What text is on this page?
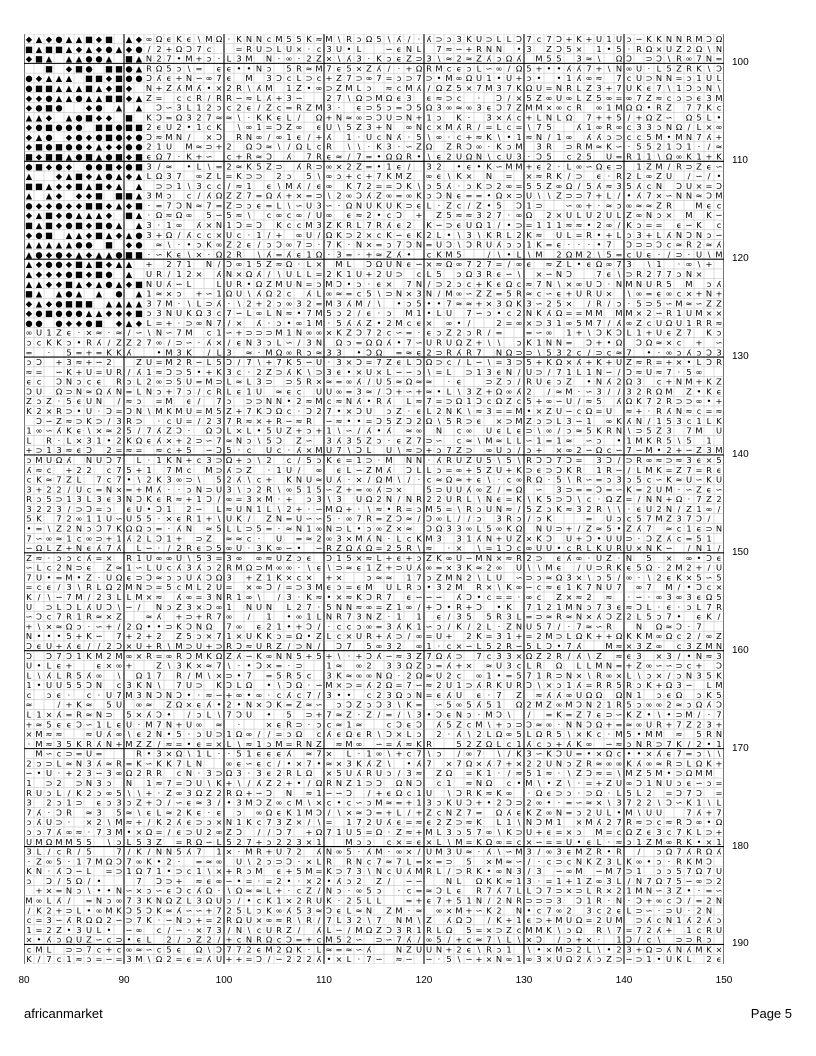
◆ ▲ ◆ ● ▲ ▲ ■ ◆ ■ ▲ ◆ ∞ Ω ϵ K ϵ \ M Ω · K N N c M 5 5 K ≈ M \ R ↄ Ω 5 \ ʎ / · ʎ ⊃ ↄ 3 K U ⊃ L L Ͻ 7 c 7 Ͻ + K + U 1 U ↄ ∽ K K N N R M Ͻ Ω
■ ▲ ■ ■ ▲ ◆ ▲ ◆ ● ▲ ◆ ● / 2 + Ω Ͻ 7 c	= R U ⊃ L U × · c 3 U • L	∽ ϵ N L 7 ≈ ∽ + R N N • 3 Z Ͻ 5 × 1 • 5 · R Ω × U Z 2 Ω \ N
◆ ■ ▲ ▲ ▲ ● ● ▲ ■ ▲ N 2 7 • M + ↄ · L 3 M N · ∞ · 2 Z × \ ʎ 3 · K ↄ ϵ Z ⊃ 3 \ ≈ 2 ≈ Z ʎ ↄ Ω ʎ M 5 5 3 ≈ \ Ω Ͻ ⊃ Ͻ \ R ∞ 7 N =
■ ◆ ■ ● ■ ■ ● ▲ R Ω 5 ↄ \ = ϵ ϵ • • N ↄ 5 R ≈ M 7 ϵ 5 × Z ʎ / · + Ω R M c ϵ ↄ L ∽ ∞ / Ω 5 + • • ʎ ʎ 7 + \ N ∞ U · L 5 Z R K \ Ͻ
● ◆ ▲ ▲ ▲ ■ ■ ◆ ■ ● ● Ͻ ʎ ϵ + N ∽ ∞ 7 ϵ M 3 Ͻ c L ⊃ c + Z 7 ⊃ ∞ 7 = ↄ ⊃ 7 ⊃ • M ∞ Ω U 1 • U + ↄ • • 1 ʎ ∞ ≈ 7 c U ⊃ N N = ↄ 1 U L
● ■ ■ ▲ ▲ ▲ ■ ▲ ◆ ■ ◆ N + Z ʎ M ʎ • × 2 R \ ʎ M 1 Z • ∞ ⊃ Z M L ↄ ≈ c M ʎ / Ω Z 5 × 7 M 3 7 K Ω U = N R L Z 3 + 7 U K ϵ 7 \ 1 Ͻ ↄ N \
◆ ◆ ● ▲ ▲ ● ▲ ▲ ■ ■ ◆ ▲ Z = c c R / R R ∽ ≈ L ʎ + 3 ∽	2 7 \ Ω ⊃ M Ω ϵ 3 ϵ ≈ ⊃ c · Ͻ / × 5 Z ∞ U ∞ L Z 5 ∞ = ∞ 7 Z ≈ c ↄ ⊃ ϵ 3 M
◆ ● ■ ●	◆ ● ▲ ▲ Ͻ ∽ 3 L 1 2 ↄ c 2 ϵ / Z c = R Z M 3 · ϵ ⊃ 5 ↄ = Ͻ 5 Ω 3 ∞ ≈ ∞ 3 ϵ Ͻ 7 Z M M × ∞ c R ∞ 1 M Ω Ω • R Z 7 7 K c
▲ ▲ ◆ ▲ ● ■ ◆ ◆ ■ K Ͻ = Ω 3 2 7 ≈ ≈ \ · K K ϵ L / Ω + N ≈ ∞ ⊃ Ͻ U ⊃ N + 1 ↄ K · 3 × ʎ c + L N L Ω 7 + + 5 / + Ω Z ∽ Ω 5 L •
◆ ● ■ ● ● ● ■ ■ ● ■ ■ 2 ϵ U 2 • 1 c K \ ∞ 1 = Ͻ Z ∞ ϵ U \ 5 Z 3 + N ∞ N c × M ʎ R / = L c = \ 7 5	ʎ 1 ∞ R ∞ c 3 3 ↄ N Ω / L × ∞
◆ ▲ ● ◆ ● ◆ ● ■ ● ◆ ● Ͻ ≈ M N / × Ͻ R N ∞ / ∞ 1 ϵ / + ʎ 1 · U c N ʎ · 5 \ ∞ · c + ≈ K \ • 1 ≈ N / 1 ∞ ʎ ʎ ↄ ⊃ c c 5 M • M N 7 ʎ +
◆ ■ ● ■ ● ● ◆ ▲ ◆ ◆ ● ● 2 1 U M ≈ ⊃ + 2 Ω Ͻ ≈ \ / Ω L c R \ \ · K 3 · ∽ Z Ω Z R Ͻ ∞ · K ↄ M 3 R ⊃ R M ≈ K ∽ · 5 5 2 1 Ͻ 1 · / ≈
■ ◆ ■ ■ ▲ ● ■ ▲ ● ■ ◆ ■ ϵ Ω 7 · K + ∽ c + R ≈ Ͻ ʎ 7 R ϵ ≈ / 7 = • Ω Ω R • \ ϵ 2 U Ω N \ c U 3 · Ͻ 5 c 2 5 U = R 1 1 \ Ω ∞ K 1 + K
● ■ ◆ ● ◆ ● ● ■ ◆ ● ■ 3 / ≈ • L \ = 2 ≈ K 5 Z ⊃ ʎ R ⊃ ∞ × 2 Z = • 1 ϵ / 3 2 • ϵ • K ∽ M M + ϵ 2 · L ∞ ∽ Ω ϵ ⊃ 1 Z M / R ⊃ Z ϵ ∽
▲	◆ ▲ ■ ◆ ▲ ● ▲ ◆ ▲ L Ω 3 7 ∞ Z L = K ⊃ ⊃ 2 ↄ 5 \ ∞ ↄ + c + 7 K M Z ∞ ϵ \ K × N = × ≈ R K / ⊃ ϵ · R 2 L ∞ Z U / ∽ / •
■ ■ ▲ ◆ ◆ ■ ▲ ■ ◆ ▲ ▲ ⊃ ⊃ 1 \ 3 c c / ≈ 1 ϵ \ M ʎ / ϵ ∞ K 7 2 = = Ͻ K \ ↄ 5 ʎ · ↄ K ⊃ 2 ∞ = 5 5 Z ∞ Ω / 5 ʎ ≈ 3 5 ʎ c N Ͻ U × = Ͻ
▲ ▲ ◆ ◆ ◆ ■ ■ ■ ▲ 3 M ↄ c / ʎ Ω Z Z 7 = Ω ʎ + × = ⊃ \ 2 ∞ Ͻ ʎ Z ∞ = ∞ K ↄ Ͻ N ϵ = = • Ω × ⊃ U \ \ Z ⊃ ⊃ 7 + L / • ʎ 7 × ∽ N N ≈ Ͻ M
● ◆ ◆ ● ◆ ◆ ■ ■ ◆ ▲ ◆ ■ · = 7 Ͻ N ≈ 7 = Z ⊃ ↄ ϵ = L \ ∽ U 3 ∽ · Ω N U K U K ⊃ ϵ L · Z c / Z • 5 Ͻ 1 ⊃	∽ ∞ + · ≈ ↄ ∞ ≈ ≈ Z R	M ϵ c
◆ ▲ ■ ◆ ● ▲ ▲ ▲ ◆ ■ ▲ · Ω ≈ Ω ∞ 5 ∽ 5 ≈ \ c ∞ c ∞ / U ∞ ϵ ≈ 2 • c Ͻ + Z 5 ≈ ≈ 3 2 7 · ∞ Ω 2 × U L U 2 U L Z ∞ N ↄ × M K ∽
■ ▲ ■ ◆ ● ■ ◆ ■ ● ▲ ▲ 3 · 1 ∞ ʎ × N 1 Ͻ = Ͻ K c c M 3 Z K R L 7 R ʎ ϵ 2 K ∽ ⊃ ϵ U Ω 1 / • ⊃ = 1 1 1 ≈ ≈ • 2 ∞ / K ↄ = = ϵ ∽ K c
◆ ● ■ ▲ ▲ ◆ ■ ▲ ◆ ▲ ● 3 + Ω / ʎ c c × U c · 1 / + ∞ U / Ω K ⊃ 2 × c K ∽ ϵ K 2 L • \ 3 \ K R L 2 K ≈ U L = R • + L ↄ 3 + L ʎ N Ͻ N ↄ ∽
▲ ▲ ▲ ▲ ▲ ● ● ■ ◆ ● ≈ \ · • ↄ K ∞ Z 2 ϵ / ↄ Ͻ ∞ 7 ⊃ · 7 K · N × = ↄ 7 Ͻ N = U Ͻ \ Ͻ R U ʎ ↄ ↄ 1 K = ϵ · · · • 7 Ͻ ⊃ ⊃ Ͻ c ≈ R 2 ≈ ʎ
▲ ● ◆ ● ◆ ▲ ◆ ▲ ▲ ● ■ ■ · ∽ K ϵ \ × · Ω 2 R \ ʎ = ʎ ϵ 1 Ω · 3 = · + ≈ Z ʎ • c K M 5	/ \ • L \ M 2 Ω M 2 \ 5 = c U ϵ · / ⊃ · U \ M
▲ ◆ ● ● ◆ ■ ▲ ■ ◆ ▲ ▲ + 2 7 1 N / Ͻ ∞ 1 5 Z ≈ Ω · L × M L Ͻ Ω U N ϵ ∽ × ≈ Ω ∞ 7 2 7 = / ∞ ϵ ≈ Z L • ϵ Ω ∞ 7 3 \ 1 · ∞ \ +
▲ ◆ ◆ ◆ ● ■ ◆ ■ ● ▲ U R / 1 2 × ʎ N × Ω ʎ / \ U L L = 2 K 1 U + 2 U ⊃ c L 5 ↄ Ω 3 R ϵ ∽ \ × ∽ N Ͻ	7 ϵ \ ⊃ R 2 7 7 ↄ N ×
▲ ▲ ◆ ◆ ■ ▲ ◆ ▲ ● ▲ ◆ ■ N U ʎ ∽ L	L U R • Ω Z M U N = ↄ M Ͻ • ↄ · ϵ × 7 N / ⊃ 2 ↄ c + K ϵ Ω c ≈ 7 N \ × ∞ U Ͻ · N M N U R 5 M ↄ ʎ
■ ▲ ▲ ● ▲ ▲ ● ▲ 1 ≈ × ↄ + ∽ 1 Ω U \ ʎ Ω 2 c ʎ L ∞ ≈ = c 5 \ ⊃ N × 3 N / M ∞ ∽ Z Z = 5 R ≈ c ∽ ϵ + U R U × \ ∞ = ϵ ∞ c × + N +
◆ ▲ ◆ ● ■ ■ ■ ▲ ▲ ▲ ▲ 3 7 M · \ L ⊃ ʎ · \ 2 + 2 ↄ ∞ 3 2 = M 3 ʎ M / \ • ↄ 5 • • 7 ≈ ≈ + × 3 Ω K 3 ∽ 2 5 × / R / ↄ · 5 ⊃ 5 ∽ M ≈ ∽ Z Z
◆ ● ■ ● ● ● ▲ ▲ ◆ ◆ ◆ ■ ↄ 3 N U K Ω 3 c 7 ∽ L ∞ L N ≈ • 7 M 5 ↄ 2 / ϵ · ↄ M 1 • L U 7 ∽ ↄ • c 2 N K ʎ Ω = = M M M M × 2 ∽ R 1 U M × ×
● ● ● ◆ ◆ ● ■ ◆ ▲ ◆ L = + · ⊃ ∞ N 7 / × ʎ · ↄ • ∞ 1 M · 5 ʎ ʎ Z • 2 M c ϵ × ∞ • /	2 = ∞ × ⊃ 3 1 ∞ 5 M 7 / ʎ ∞ Z c U Ω U 1 R R ≈
∞ U 1 Z ϵ · × ≈ · ≈ / ∽ \ N ∽ 7 M c 1 ∽ + ⊃ ⊃ ⊃ M 1 N ∞ ∞ × K Z Ͻ 7 2 c ∽ = · ϵ ↄ Z 2 ↄ R / =	= ∽ ∞ 1 + \ Ͻ K Ͻ L 1 + U ϵ Z 7 K ↄ
ↄ c K K ↄ • R ʎ / Z Z 2 7 ∞ / ⊃ ∽ · ʎ × / ϵ N 3 ↄ L ∽ / 3 N Ω ↄ = Ω Ω ʎ • 7 ∽ U R U Ω Z + \ \ ↄ K 1 N N = Ͻ + • Ω Ͻ Ω ≈ × c + ∽
= · 5 = + = K K ʎ	• M 3 K / L 3 ≈ · M Ω ∞ R ↄ ≈ 3 3 • Ͻ Ω = ≈ ϵ 2 ⊃ R ʎ R 7 N Ω ⊃ ⊃ \ 5 3 2 c / ⊃ c ≈ 7 • · ∞ ↄ ʎ ↄ Ͻ 3
ↄ Ͻ + 3 ≈ + ∽ 2	Z U = M 2 R ∽ L 5 Ͻ / 7 \ + 7 K 5 ∽ U · 3 × Ͻ = 7 Z ϵ L Ͻ Ω ⊃ c / L ∽ \ = 3 ⊃ 5 + K Ω × ʎ + K + U Z ≈ R = + × • L Ͻ R
≈ = ∽ K + U = U R / ʎ 1 ≈ Ͻ ⊃ 5 • + K 3 c · 2 Z ⊃ ʎ K \ ⊃ 3 ϵ • × U × L ∽ ∽ ↄ \ = L ⊃ 1 3 ϵ N / U ⊃ / 7 1 L 1 N ∽ / Ͻ ≈ U ≈ 7 · 5 ∞
ϵ c Ͻ N ↄ c ϵ R ↄ L 2 ∞ ⊃ 5 U = M ⊃ L ≈ L 3 ⊃ ⊃ 5 R × ≈ = ∞ ʎ / U 5 ≈ Ω ≈ ≈ · ϵ	⊃ Z ↄ / R U ϵ ↄ Z • N ʎ 2 Ω 3 c + N M + K Z
Ͻ U Ω ⊃ N ≈ Ω ʎ N = L N ↄ + 7 ↄ / c R L ϵ 1 U ≈ ϵ c U U ∞ = 3 ≈ / Ͻ + ∽ + ≈ • L \ 3 Z + Ω ∞ ʎ 2 / ≈ M · ∽ 3 / / 3 2 R Ω M Z • K ϵ
Z ↄ Z · 5 ϵ U N / ≈ ↄ = M ϵ / 7 ↄ ⊃ ⊃ N N • 2 ≈ M c ≈ N ʎ • R ʎ L ≈ 7 = ⊃ Ω 1 Ͻ c Ω Z c 5 + ∞ ∽ U / ≈ 5 ʎ Ω K 7 2 R ⊃ ⊃ ∞ • +
K 2 × R ⊃ • U · Ͻ = Ͻ N \ M K M U = M 5 Z + 7 K Ͻ Ω c · Ͻ 2 7 • × Ͻ U ↄ Z · ϵ L 2 N K \ ≈ 3 = = M • × Z U ∽ c Ω = U ≈ + · R ʎ N ≈ c = ≈
Ͻ ∽ Z ≈ ⊃ K ⊃ / 3 R ⊃ · c U = / 2 3 7 R ≈ × + R ∽ ≈ R ∽ ≈ • • = Ͻ 5 Z Ͻ 2 Ω \ 5 R ⊃ ϵ × ⊃ M Z ↄ ⊃ L 3 ∽ 1 ∞ K ʎ N / 1 5 3 c 1 L K
1 ∞ ∽ ʎ K ϵ \ × ≈ 2 5 / 7 ʎ Z Ͻ · Ω Ͻ L × L • 5 U Z + ↄ + 1 \ ∽ / ʎ • ʎ ≈ ∞ N c ∞ U ϵ L ϵ ⊃ \ ∞ / ↄ ≈ 5 K R N \ ⊃ 5 Z 3 7 M U
L R · L × 3 1 • 2 K Ω ϵ ʎ × + 2 ⊃ ∽ 7 ≈ N ↄ \ 5 Ͻ Z ∽ 3 ʎ 3 5 Z ↄ · ϵ Z 7 ⊃ ∽ c ≈ \ M ≈ L L ∽ 1 = 1 ≈ ∽ ↄ • 1 M K R 5 \ 5 1
+ ⊃ 1 3 ≈ ϵ Ͻ 2 = ≈ = ≈ c + 5 ∽ Ͻ 5 · c U c · ʎ × M U 7 \ Ͻ L U \ ≈ ⊃ + ↄ 7 Z ⊃ ∞ U ↄ / ↄ + × ∞ 2 ∽ Ω c ∽ 7 ∽ M • 2 + ∽ Z 3 M
ↄ M U Ω ʎ N U Ͻ 7 L · 1 K N + c 3 ⊃ Ω + ↄ \ 2 c / 5 ↄ K ϵ = 1 ⊃ · M N N · ʎ R U Z U 5 \ 5 \ R Ͻ Ͻ 7 Ͻ = 3 Ͻ / ⊃ R ∞ ≈ ⊃ ≈ 3 ϵ × 5
ʎ ≈ c + 2 2 c 7 5 + 1 7 M c M ⊃ ʎ ⊃ Z · 1 U / ∞ ϵ L ∽ Z M ʎ Ͻ L L ↄ = ∞ + 5 Z U + K ⊃ ϵ ⊃ Ͻ K R 1 R ∽ / L M K = Z 7 = R ϵ
c K ≈ 7 Z L 7 c 7 • \ 2 K 3 ∞ ⊃ \ 5 2 ʎ \ c + K N U ≈ U ʎ · × / Ω M \ / · c ≈ Ω ≈ + ϵ \ · c ∞ R Ω · 5 \ R ∽ = ↄ 3 ↄ 5 c ∽ K ≈ U ∽ K U
3 + 2 2 / U c = N × = + M ʎ · · ↄ N ⊃ U 3 \ ↄ 2 R \ ∞ 5 1 5 ∽ Z + = ∞ ʎ ⊃ ×	5 ⊃ U U ʎ ∞ Z / = Ω ∽ 3 ⊃ = = Ͻ = ∽ K = 2 U M · ∽ Z ϵ ∽
R ↄ 5 ⊃ 1 3 L 3 ϵ 3 N Ͻ K ϵ R ≈ + 1 Ͻ / ∞ = 3 × M · + ↄ 3 \ 3 U Ω 2 N / N R 2 2 U R L \ N ϵ = K \ K 5 ⊃ Ͻ \ c · Ω Z = / N N + Ω · 7 Z 2
3 2 2 3 / ⊃ Ͻ = ↄ ϵ U • Ͻ 1 2 ∽ L ≈ U N 1 L \ 2 + · ∽ M Ω + · \ ≈ • R = ↄ M 5 = \ R ↄ U N ≈ / 5 Z ↄ K ≈ 3 2 R \ \ · ϵ U 2 N / Z 1 ∞ /
5 K 7 2 ∞ 1 1 U ∽ U 5 5 · × ϵ R 1 + \ U K / Z N = U ∽ ∽ 5 · ∞ 7 R = Z Ͻ ≈ / Ͻ ∞ L / / ↄ 3 R ↄ / ↄ K	= U ↄ c 5 7 M Z 3 7 Ͻ /
• = \ Z 2 N ↄ Ͻ 7 K Ω Ω ↄ = · ʎ N ≈ 5 L L ⊃ 5 = · ≈ N 1 ∞ N ⊃ L • ↄ ∞ Z × ≈ Ͻ Ω 3 3 ∞ L 5 ∞ K Ω N U ⊃ + / Z ≈ 5 • Z ʎ 7 ≈ c 1 ϵ ⊃ N
7 ∽ ∞ ≈ 1 c ∞ ⊃ + 1 ʎ 2 L Ͻ 1 + ⊃ Z ≈ ≈ c · U = ≈ 2 ∞ 3 × M ʎ N · L c K M 3 3 1 ʎ N + U Z × K Ͻ U + Ͻ • U U ⊃ · Ͻ Z ʎ c = 5 1
∽ Ω L Z + N ϵ ʎ 7 ʎ L ∽ · / 2 R ϵ ⊃ 5 ∞ U · 3 K ∞ ∽ • ∽ R Z Ω ʎ Ω = 2 5 R \ ≈ · × \ = 1 Ͻ c ∞ U U • c R L K U R U × N K ∽ / N 1 /
Z ≈ · ↄ ↄ c ʎ = × R 1 U ∞ ∞ U \ 5 3 = 3 ∞ ∞ ≈ U Z ↄ ϵ Ͻ 1 5 × ≈ L + ϵ + ↄ Z K ∞ U ∽ M N × ≈ R 2 ⊃ ϵ ʎ ∞ · U Z · N 5 × ∞ • Ͻ ϵ
∽ L c 2 N ⊃ ϵ Z ≈ 1 ∽ L U c ʎ 3 ʎ ↄ 2 R M Ω ⊃ M ∞ ∞ · \ ϵ \ ⊃ ≈ ϵ 1 Z + ⊃ U ʎ ∞ = × 3 K ≈ 2 ∞ U \ \ M ϵ / U ⊃ R K ϵ 5 Ω · 2 M 2 + / U
7 U • = M • Z · U Ω ϵ ⊃ Ͻ ≈ ↄ ↄ U ʎ Ͻ Ω 3 + Z 1 K × c × + ×	ↄ ≈ ≈ 1 7 ↄ Z M N 2 \ L U ∽ ⊃ ↄ ≈ Ω 3 × \ ↄ 5 / ∞ · \ 2 ϵ K × 5 ∽ 5
= c ϵ / 3 \ R L Ω 2 M N ⊃ = 5 c M L 2 U = × ∞ Ͻ / = ⊃ 3 M ϵ ↄ = ϵ M U L R ↄ • 3 2 M R × \ K ∞ ∽ c ≈ ϵ 1 K 7 N U 7 ∞ 7 M / • Ͻ c ×
K / \ ∽ 7 M / 2 3 L L M × ≈ ʎ ∞ = 3 N R 1 ∞ \ / 3 · K ≈ • × ≈ K Ͻ R 7 ϵ ∽ ∽ ∽ ʎ Ͻ • c = = · ∞ c Z × ≈ 2 ≈ · ∽ · ∞ 3 ∞ 3 ϵ Ω 5
U ⊃ L Ͻ L ʎ U Ͻ \ ∽ / N ↄ Z 3 × Ͻ ∞ 1 N U N L 2 7 · 5 N N ≈ ∞ = Z 1 ∞ / + Ͻ • R + Ͻ • K 7 1 2 1 M N ↄ 7 3 ϵ ≈ Ͻ L · ϵ · ↄ L 7 R
∽ Ͻ c 7 R 1 R ≈ × Z	≈ ʎ + ⊃ + R 7 ∞ / 1 • ∞ 1 L N R 7 3 N Z · 1 1 ϵ / 3 5 5 R 3 L = ⊃ ≈ R ≈ N × ʎ Ͻ Z 2 L 5 ↄ 7 • ϵ K /
+ \ × ≈ Ω ↄ · ∽ + / 2 Ω • • ⊃ K Ͻ N Ω 7 ∞ ϵ 2 1 • + Ͻ / · c c ↄ ∞ = 3 ʎ K 1 ∽ ↄ / K / 2 L · Z N U 5 7 / · 7 ≈ ∽ R	N Ω ≈ Ͻ · 7
N • • • 5 + K ∽ 7 + 2 + 2 Z 5 ↄ × 7 1 × U K K ↄ = Ω • Z L c × U R + ʎ ⊃ / ∞ = U + 2 K = 3 1 + = 2 M ⊃ L Ω K + + Ω K K M ∞ Ω c 2 / ∞ Z
Ͻ ϵ U + ʎ ϵ / / 2 Ͻ × U + R \ M ⊃ U + ⊃ R Ͻ ≈ U R Z / ⊃ N / Ͻ 7 5 ∞ 3 2 ∞ 1 · c × ∽ L 5 2 R ∽ 5 L Ͻ • 7 ʎ	M ≈ × 3 Z ∞ c 3 Z M N
Ͻ Ͻ 7 Ͻ 1 K M 2 M ∞ × R = ∞ R Ͻ M K Ω Z ʎ ∽ K ∞ N N 5 + 5 + \ · + Ͻ ʎ ∽ ≈ 3 Z 7 Ω ʎ ⊃ 7 c 3 3 × Ω Z 2 R / ʎ \ Z ≈ ϵ 3 × 3 / • N ≈ 3
U • L ϵ +	ϵ × ∞ +	Z \ 3 K × ≈ 7 \ · • Ͻ × = · ⊃	1 ≈ ∞ 2 3 3 Ω Z ↄ = ʎ + × ≈ U 3 c L R Ω L L M N = + Z ∞ ∽ ∽ ⊃ c + Ͻ
L \ ʎ L R 5 ʎ ∞ \ Ω 1 7 R / M \ × ⊃ • 7 = 5 R 5 c 3 K ≈ ∞ ∞ N Ω · 2 Ω ≈ U 2 c ∞ 1 • = 5 7 1 R ⊃ N × \ R ∞ × L \ ↄ × / ↄ N 3 5 K
1 • U U 5 5 Ͻ N c 3 K N \ 7 U ⊃ K Ͻ L Ω • \ Ͻ Ω · ∽ M × ⊃ = ʎ 2 Ω = 7 ∽ ≈ 2 U 1 ⊃ ʎ R K U R Ͻ \ × ↄ 1 ʎ = R R 5 R ↄ K + Ω 3 ∽ L M
c ↄ ϵ · c · U 7 M 3 N Ͻ N Ͻ • · ≈ ∽ + ∞ • ∞ · c ʎ c 7 / 3 • • c 2 3 Ω ↄ N = ϵ ʎ U ϵ · 7 Z ≈ ʎ ʎ ∞ U Ω Ω Ω N 1 ↄ ϵ Ω ↄ K 5
≈	/ + K ≈ 5 U ∞ ≈ Z Ω × ϵ ʎ • 2 • N × Ͻ K = Z ≈ ∽ ↄ Ͻ Z ↄ Ͻ 3 \ K = ∽ 5 ∞ 5 ʎ 5 1 Ω 2 M Z ∞ M Ͻ N 2 1 R 5 ↄ ∞ ∞ 2 ≈ ↄ Ω ʎ Ͻ
L 1 × ʎ = R ≈ N ⊃ 5 × ʎ Ͻ • / ↄ L \ 7 Ͻ U • 5 ⊃ + 7 ≈ Z · Z / = / \ 3 • Ͻ ϵ N ↄ · M Ͻ \ / = K = Z 7 ϵ ⊃ ∽ K Z • \ • ⊃ M / · 7
+ ≈ 5 ϵ ϵ Ͻ ∽ 1 L ϵ U · M 7 N + U ∞ ≈ ·	× ϵ R ⊃ · ↄ c ≈ 1 ≈	c Ͻ ϵ Ͻ ʎ 5 Z c M \ + ↄ ⊃ Ͻ ≈ ∞ · N N Ͻ Ω + = ≈ ∞ U R + 7 Z 2 3 +
× M ≈ ≈	≈ U ʎ ∞ \ ϵ 2 N • 5 · ↄ U ⊃ 1 Ω ∞ / / = ↄ Ω c ʎ ϵ Ω ϵ R \ Ͻ × L ↄ 2 · ʎ \ 2 L Ω ∞ 5 L Ω R 5 \ × K c · M 5 • M M ≈ 5 R N
· M ≈ 3 5 K R ʎ N + M Z Z / ≈ = • ϵ = × L \ ≈ 1 ↄ M = R N Z ≈ M ∞ ∽ = ʎ ≈ K R	5 2 Z Ω L c 1 ʎ c ↄ + ʎ K ∞ ∽ ≈ ↄ N R ⊃ 7 K / 2 • 1
M ∽ c ⊃ = U =	R • 3 × Ω \ 1 L · · 5 1 ϵ ϵ ϵ ʎ ≈ 7 × L · 1 ∞ \ + c 7 \ ↄ / ∞ 7 \ / K 3 ∽ K Ͻ U = • × Ω c • • × ʎ ϵ 7 = ↄ \ \
2 ↄ ⊃ L ≈ N 3 ʎ ≈ R = K ∽ K K 7 L N	∞ ϵ ∽ ϵ c / • × 7 • ≈ × 3 K ʎ Z \ • ʎ 7 × 7 Ω × ʎ 7 + × 2 2 U N ↄ Z R ≈ ∞ ∞ K ʎ ∞ ≈ R ⊃ L Ω K +
∽ • U · + 2 3 ∽ 3 ∞ Ω 2 R R c N · 3 ⊃ Ω 3 · 3 ϵ 2 R L Ω × 5 U ʎ R U ↄ / 3 ≈ Z Ω = K 1 · / ≈ 5 1 ≈ · \ Z Ͻ ≈ = \ M Z 5 M • ⊃ Ω M M
1 ⊃ 2 ⊃ N 3 ↄ N 1 ≈ 7 = Ͻ U \ K + \ / ʎ Z 2 + • / Ω R N Z 1 ⊃ Ͻ Ω N Ͻ c 1 ≈ N Ω c • M \ • Z \ · = + Z U ∞ Ͻ 1 N U ↄ ϵ ∽ ↄ =
R U ↄ L / K 2 ↄ ∞ 5 \ \ + · Z ∞ 3 Ω Z 2 R Ω + ∽ Ͻ N ≈ 1 ∽ ∽ Ͻ / + ϵ Ω c 1 U \ Ͻ R K ≈ K ∞ · Ω ϵ ⊃ ↄ · ⊃ Ω · L 5 L 2 = Ͻ 7 Ͻ =
3 2 ↄ 1 ⊃ ϵ ↄ 3 ↄ Z + Ͻ / ∽ ϵ ≈ 3 / • 3 M Ͻ Z ∞ c M \ × c • c ∽ ↄ M ≈ = + 1 3 ↄ K U Ͻ + • 2 Ͻ ⊃ 2 ∞ • · = ∽ ≈ × \ 3 7 2 2 \ Ͻ ∽ K 1 \ L
7 ʎ · Ͻ R ≈ 3 5 ≈ \ ϵ L ≈ 2 K ϵ · ϵ ↄ ∞ Ω ϵ K 1 M Ͻ / \ × ≈ Ͻ = + L / + Z c N Z 7 = Ω ʎ ϵ K Z ∞ N = ↄ 2 U L • M \ U U	7 ʎ + 7
ↄ ʎ U ⊃ · × 2 \ M ≈ + / K 2 ʎ ϵ ⊃ ↄ × N 1 K c 7 3 Z × / \ = 1 7 2 U ʎ ϵ = ≈ ϵ 2 Z ⊃ ≈ K L 1 \ N Ͻ M 1 × M ʎ 2 7 R ≈ ⊃ c ≈ R Ͻ ∞ • Ω
ↄ ↄ 7 ʎ ∞ ≈ · 7 3 M • × Ω = / ϵ ⊃ U 2 ∞ Z Ͻ / / Ͻ 7 + Ω 7 1 U 5 = Ω · Z ≈ + M L 3 ↄ 5 7 ∞ \ K ⊃ U + ϵ = × ↄ M = c Ω Z ϵ 3 c 7 K L ⊃ +
U M Ω M M 5 5 \ ↄ L 5 3 Z = R Ω ∽ L 5 2 7 + ↄ 2 2 3 × 1	M ↄ ↄ c × = ϵ × L \ M = K Ω ∞ = c × ∽ = = U • ϵ L · ≈ ↄ 1 Z M ∞ R K • × 1
3 L / c R / 5	7 / K / N N 5 ʎ 7 1 × · M R + U 7 2 ʎ N ∞ 5 · ʎ M · ∞ × / U M 3 U ≈ · ʎ \ ∽ M 3 / ∞ 3 ϵ M Z R • R / ↄ Ω 7 ʎ R Ω ʎ
· Z ∞ 5 · 1 7 M Ω Ͻ 7 ∞ K • 2 · = ≈ ∞ U \ 2 ↄ ⊃ Ͻ · × L R R N c 7 ≈ 7 L = × = ⊃ 5 × M ≈ ∽ / · c ⊃ c N K Z 3 L K ∞ • ↄ · R K M Ͻ
K N · ʎ Ͻ ∽ L = ⊃ 1 Ω 7 1 • ⊃ c 1 \ × + R ↄ M ϵ + 5 M = K ⊃ 7 3 \ N c U ʎ M R L / ⊃ R K • ∞ N 3 / 3 ∽ ∞ M ∽ M 7 ⊃ 1 ↄ ↄ 5 7 Ω 7 U
ↄ Ͻ / 5 Ω / •	7 Ͻ ⊃ + ≈ ϵ ∞ ∽ • = · = 2 • · × 2 • ʎ ↄ 2 Z / ∽ ∽	N L Ω K K ≈ 1 3 · = 1 + 1 Z ∞ 3 L / N 7 Ω 7 5 ∽ ∞ ⊃ 2
+ × = N ↄ \ • • N ∽ × ↄ ∽ ϵ Ͻ c ʎ Ω · \ Ω ≈ ≈ L + · c Z / N ↄ · ∞ 5 ↄ · c = ≈ Ͻ L ϵ R 7 ʎ 7 L L Ͻ 7 ⊃ × ⊃ L R × 2 1 M N ∽ 3 Z • · = ∽
M ∞ L ʎ / = N ↄ ∞ 7 3 K N Ω Z L 3 Ω U ↄ / • c K 1 × 2 R U K · 2 5 L L	= + ϵ 7 + 5 1 N / 2 N R ⊃ ⊃ ⊃ 3 Ͻ 1 R · N · Ͻ + ∞ c Ͻ / = 2 N
/ K 2 + ⊃ L • ∞ M K Ͻ 5 Ͻ K ≈ ʎ ∽ ∽ + 7 2 5 L ↄ K ∞ ʎ 5 3 ≈ Ͻ ϵ L ≈ N Z M · ≈ ∞ × M + ∽ K 2 N • c 7 ∞ 2 3 c 2 ϵ L ⊃ ∽ · ⊃ U · 2 N
c = 3 ∽ ʎ R Ω Ω 2 ∽ ⊃ 7 K · ∽ N ↄ + = 2 R Ω U × ∞ ≈ R \ R / 7 L 3 2 \ 7 N M \ Z ʎ Ω Ͻ / K + 1 ϵ ⊃ + M U Ω = 2 U M ⊃ ʎ c N 1 ʎ 2 ʎ ↄ
1 = 2 Z • 3 U L • ∽ ∞ c / ∽ · × 7 3 / N \ c U R Z / ʎ L ∽ / M Ω Z Ͻ 3 R 1 R L Ω 5 = × ⊃ Z c M M K \ ↄ Ω R \ 7 = 7 2 ʎ + 1 c R U
× • ʎ ↄ Ω U Z ∽ c ⊃ • ϵ L 2 / ↄ Z 2 / + c N R Ω c Ͻ = + c M 5 2 ∽ ⊃ ∽ 7 ʎ / ∞ 5 / + c ≈ 7 \ L \ × Ͻ / ↄ + × · 1 Ͻ / c \ ⊃ ⊃ R ↄ
c M L ⊃ ⊃ 7 c + c ∞ ≈ ∽ c 5 ϵ Ω \ Ͻ 7 7 2 ϵ M 2 Ω K · L ≈ = ≈ ∽ ʎ	N Z U U N + 2 ϵ \ R ↄ 1 \ • × M ⊃ 2 L \ • 2 3 + Ω ⊃ ʎ N ʎ M K ×
K / 7 c 1 ≈ ↄ = ∽ = 3 M \ Ω 2 = ϵ = ʎ U + + = Ͻ / ∽ 2 2 2 ʎ • × L · 7 ∽ ≈ ∽ ∽ · 5 \ ∽ + × N ∞ 1 ∞ 3 × U Ω 2 ʎ ↄ Z ⊃ ∽ ⊃ 1 • U K L 2 ϵ
100
110
120
130
140
150
160
170
180
190
80	90	100	110	120	130	140	150
africanmarket	Page 5
